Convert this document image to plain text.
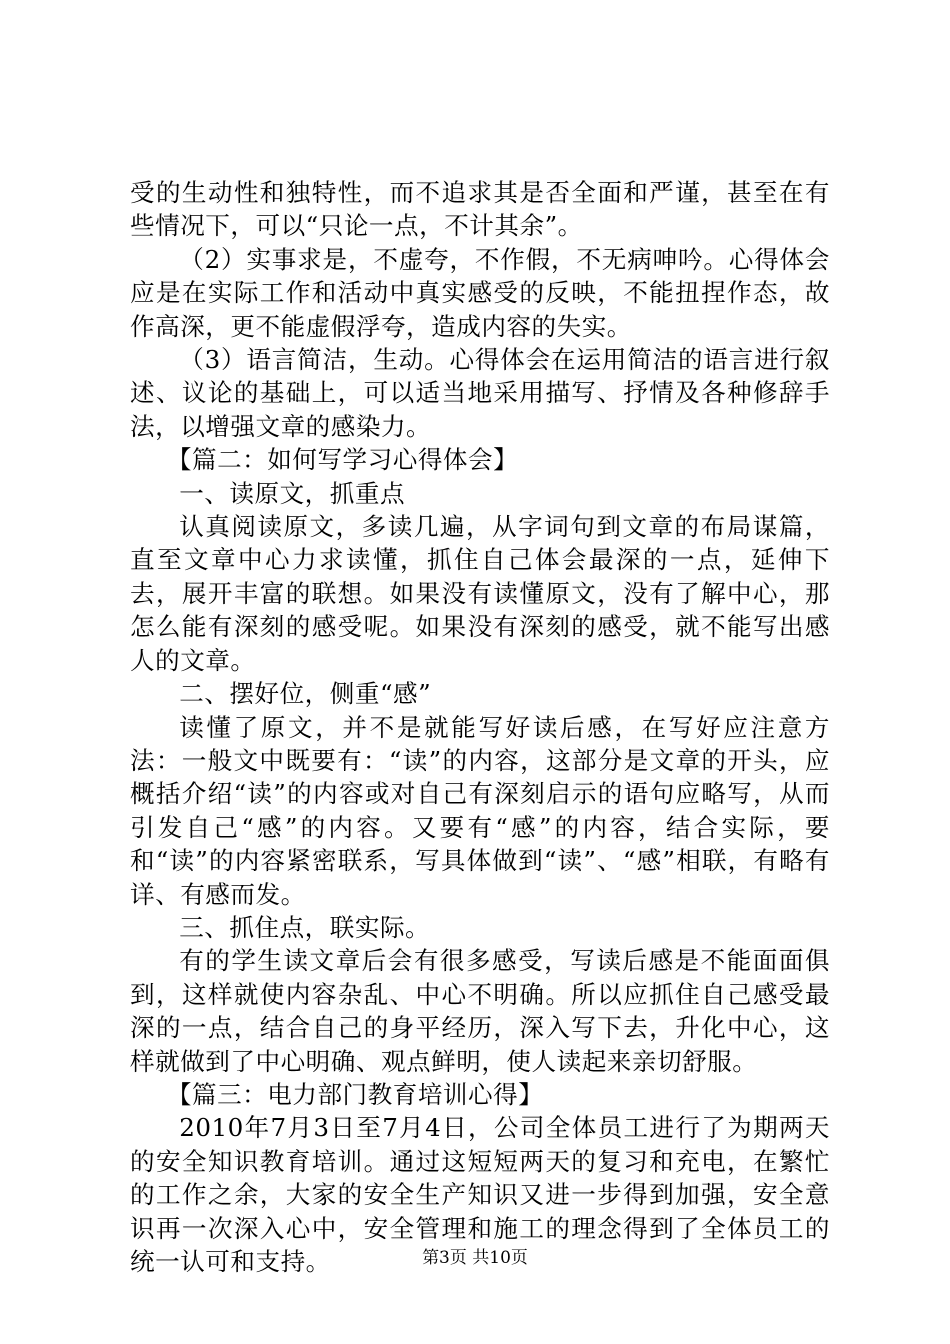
受的生动性和独特性，而不追求其是否全面和严谨，甚至在有些情况下，可以“只论一点，不计其余”。

（2）实事求是，不虚夸，不作假，不无病呻吟。心得体会应是在实际工作和活动中真实感受的反映，不能扭捏作态，故作高深，更不能虚假浮夸，造成内容的失实。

（3）语言简洁，生动。心得体会在运用简洁的语言进行叙述、议论的基础上，可以适当地采用描写、抒情及各种修辞手法，以增强文章的感染力。

【篇二：如何写学习心得体会】

一、读原文，抓重点

认真阅读原文，多读几遍，从字词句到文章的布局谋篇，直至文章中心力求读懂，抓住自己体会最深的一点，延伸下去，展开丰富的联想。如果没有读懂原文，没有了解中心，那怎么能有深刻的感受呢。如果没有深刻的感受，就不能写出感人的文章。

二、摆好位，侧重“感”

读懂了原文，并不是就能写好读后感，在写好应注意方法：一般文中既要有：“读”的内容，这部分是文章的开头，应概括介绍“读”的内容或对自己有深刻启示的语句应略写，从而引发自己“感”的内容。又要有“感”的内容，结合实际，要和“读”的内容紧密联系，写具体做到“读”、“感”相联，有略有详、有感而发。

三、抓住点，联实际。

有的学生读文章后会有很多感受，写读后感是不能面面俱到，这样就使内容杂乱、中心不明确。所以应抓住自己感受最深的一点，结合自己的身平经历，深入写下去，升化中心，这样就做到了中心明确、观点鲜明，使人读起来亲切舒服。

【篇三：电力部门教育培训心得】

2010年7月3日至7月4日，公司全体员工进行了为期两天的安全知识教育培训。通过这短短两天的复习和充电，在繁忙的工作之余，大家的安全生产知识又进一步得到加强，安全意识再一次深入心中，安全管理和施工的理念得到了全体员工的统一认可和支持。	第3页 共10页
